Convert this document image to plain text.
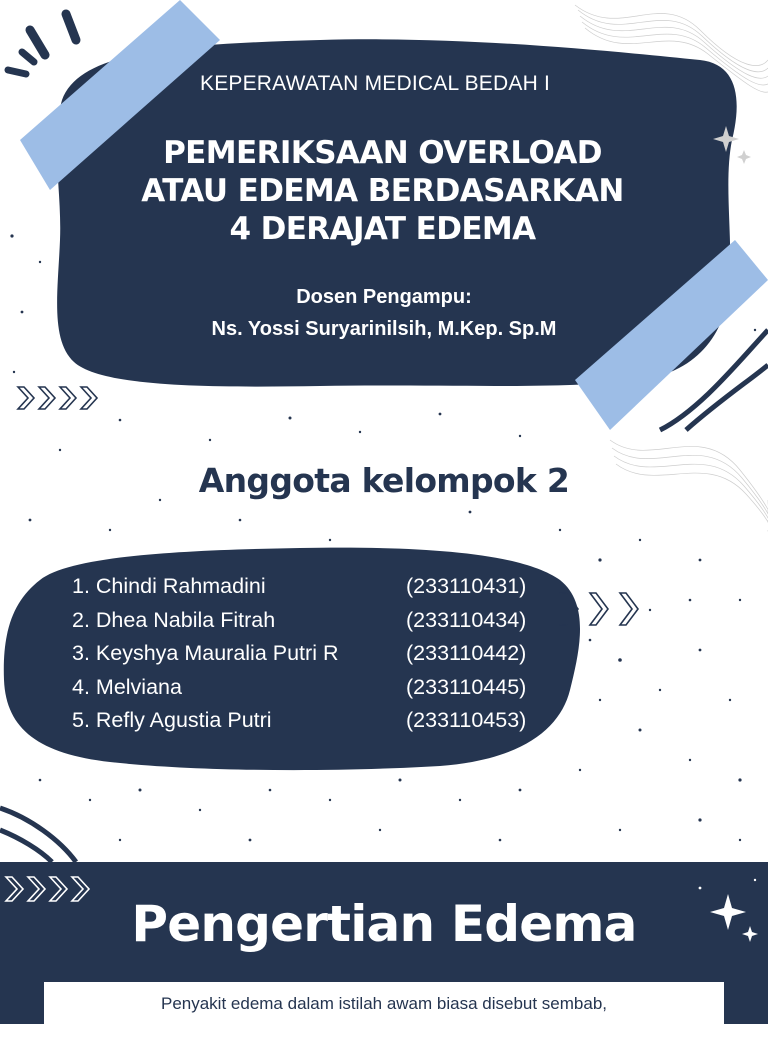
KEPERAWATAN MEDICAL BEDAH I

PEMERIKSAAN OVERLOAD
ATAU EDEMA BERDASARKAN
4 DERAJAT EDEMA

Dosen Pengampu:

Ns. Yossi Suryarinilsih, M.Kep. Sp.M

Anggota kelompok 2

1. Chindi Rahmadini	(233110431)
2. Dhea Nabila Fitrah	(233110434)
3. Keyshya Mauralia Putri R	(233110442)
4. Melviana	(233110445)
5. Refly Agustia Putri	(233110453)

Pengertian Edema

Penyakit edema dalam istilah awam biasa disebut sembab,
